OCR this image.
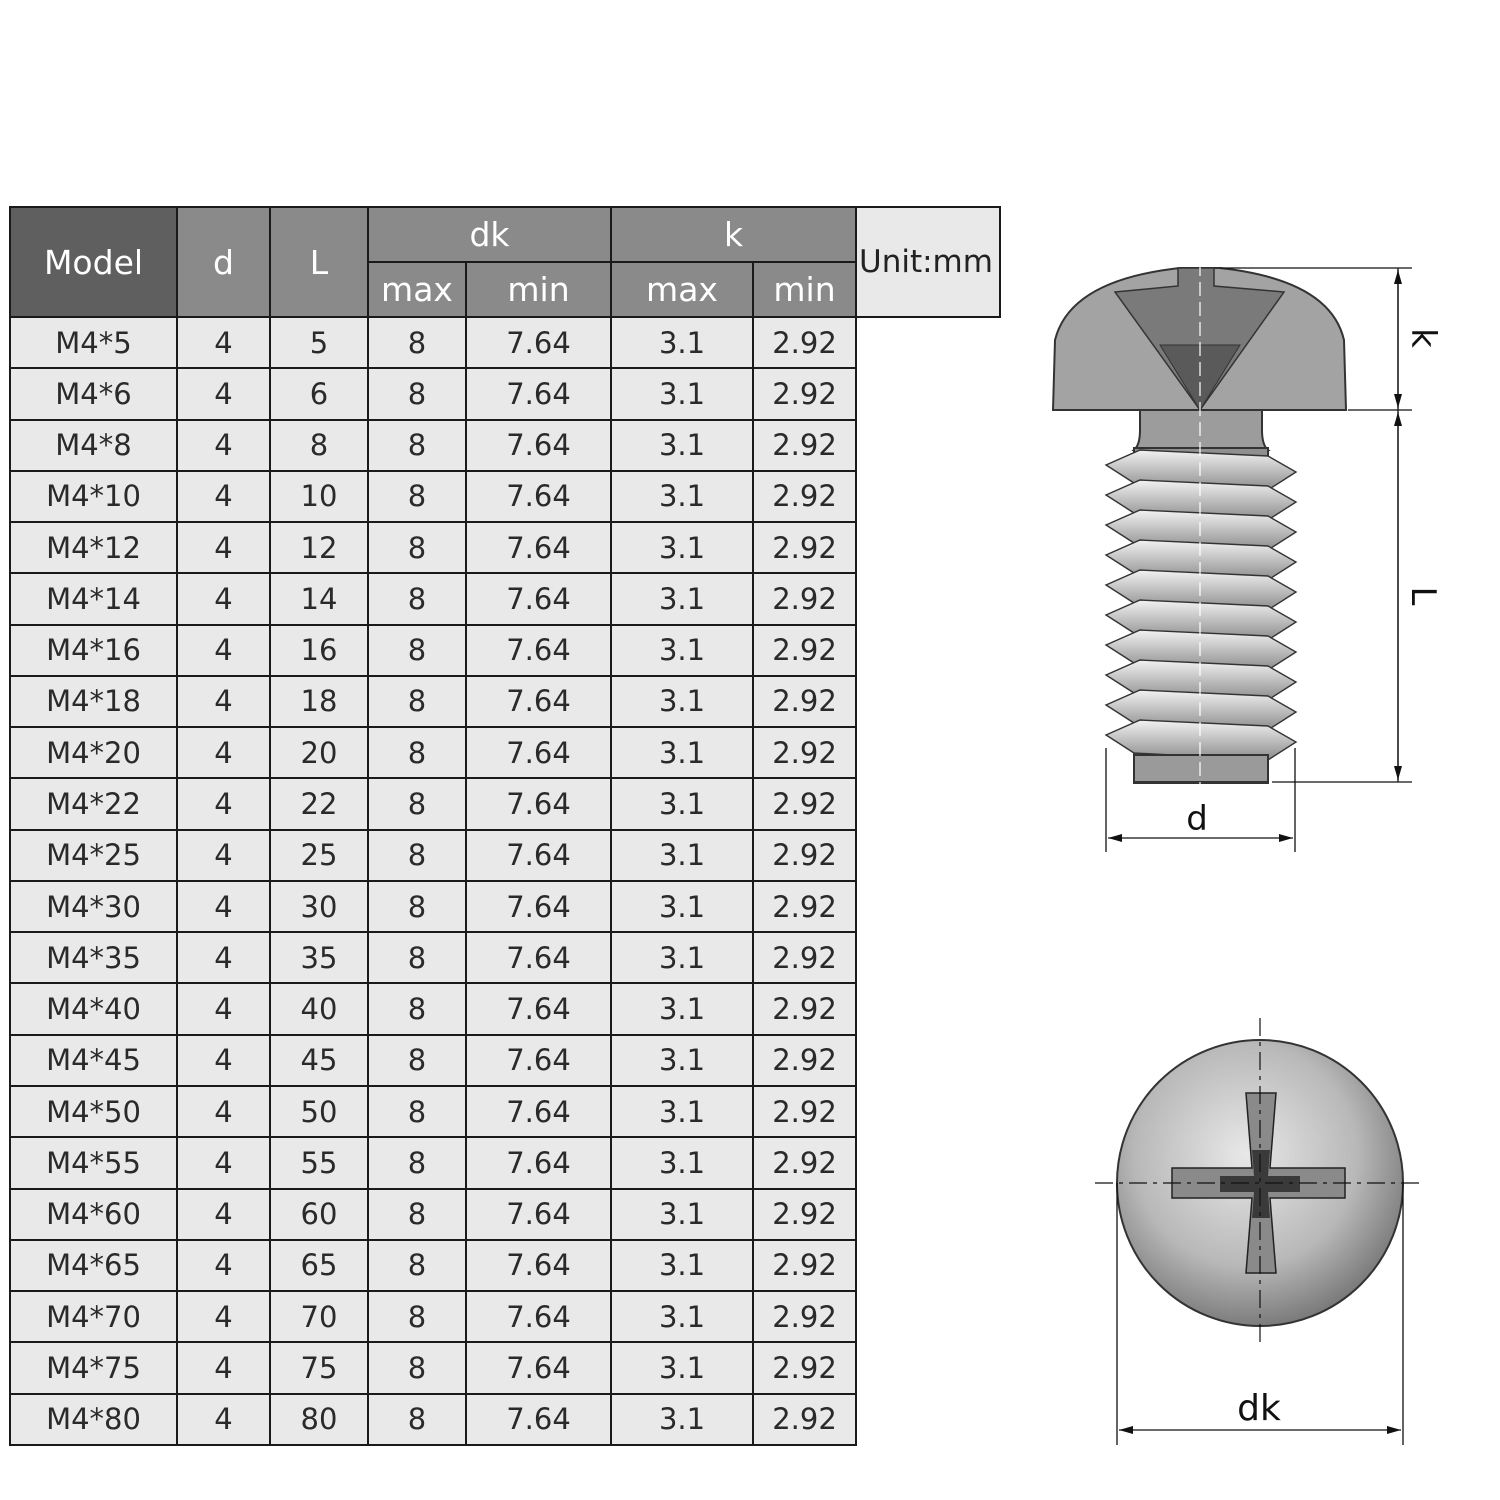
Model	d	L	dk		k		Unit:mm
			max	min	max	min	
M4*5	4	5	8	7.64	3.1	2.92	
M4*6	4	6	8	7.64	3.1	2.92	
M4*8	4	8	8	7.64	3.1	2.92	
M4*10	4	10	8	7.64	3.1	2.92	
M4*12	4	12	8	7.64	3.1	2.92	
M4*14	4	14	8	7.64	3.1	2.92	
M4*16	4	16	8	7.64	3.1	2.92	
M4*18	4	18	8	7.64	3.1	2.92	
M4*20	4	20	8	7.64	3.1	2.92	
M4*22	4	22	8	7.64	3.1	2.92	
M4*25	4	25	8	7.64	3.1	2.92	
M4*30	4	30	8	7.64	3.1	2.92	
M4*35	4	35	8	7.64	3.1	2.92	
M4*40	4	40	8	7.64	3.1	2.92	
M4*45	4	45	8	7.64	3.1	2.92	
M4*50	4	50	8	7.64	3.1	2.92	
M4*55	4	55	8	7.64	3.1	2.92	
M4*60	4	60	8	7.64	3.1	2.92	
M4*65	4	65	8	7.64	3.1	2.92	
M4*70	4	70	8	7.64	3.1	2.92	
M4*75	4	75	8	7.64	3.1	2.92	
M4*80	4	80	8	7.64	3.1	2.92	
k
L
d
dk
